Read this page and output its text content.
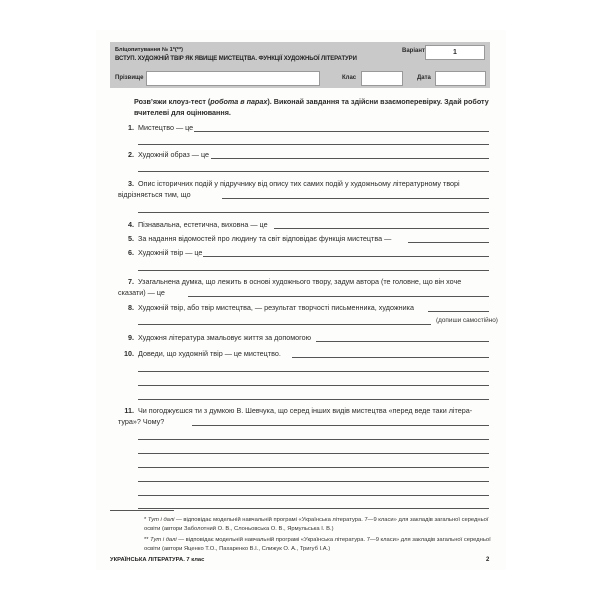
Бліцопитування № 1*(**)
ВСТУП. ХУДОЖНІЙ ТВІР ЯК ЯВИЩЕ МИСТЕЦТВА. ФУНКЦІЇ ХУДОЖНЬОЇ ЛІТЕРАТУРИ
Варіант	1
Прізвище	Клас	Дата
Розв’яжи клоуз-тест (робота в парах). Виконай завдання та здійсни взаємоперевірку. Здай роботу вчителеві для оцінювання.
1. Мистецтво — це
2. Художній образ — це
3. Опис історичних подій у підручнику від опису тих самих подій у художньому літературному творі відрізняється тим, що
4. Пізнавальна, естетична, виховна — це
5. За надання відомостей про людину та світ відповідає функція мистецтва —
6. Художній твір — це
7. Узагальнена думка, що лежить в основі художнього твору, задум автора (те головне, що він хоче сказати) — це
8. Художній твір, або твір мистецтва, — результат творчості письменника, художника
(допиши самостійно)
9. Художня література змальовує життя за допомогою
10. Доведи, що художній твір — це мистецтво.
11. Чи погоджуєшся ти з думкою В. Шевчука, що серед інших видів мистецтва «перед веде таки літера-тура»? Чому?
* Тут і далі — відповідає модельній навчальній програмі «Українська література. 7—9 класи» для закладів загальної середньої освіти (автори Заболотний О. В., Слоньовська О. В., Ярмульська І. В.)
** Тут і далі — відповідає модельній навчальній програмі «Українська література. 7—9 класи» для закладів загальної середньої освіти (автори Яценко Т.О., Пахаренко В.І., Слижук О. А., Тригуб І.А.)
УКРАЇНСЬКА ЛІТЕРАТУРА. 7 клас	2
